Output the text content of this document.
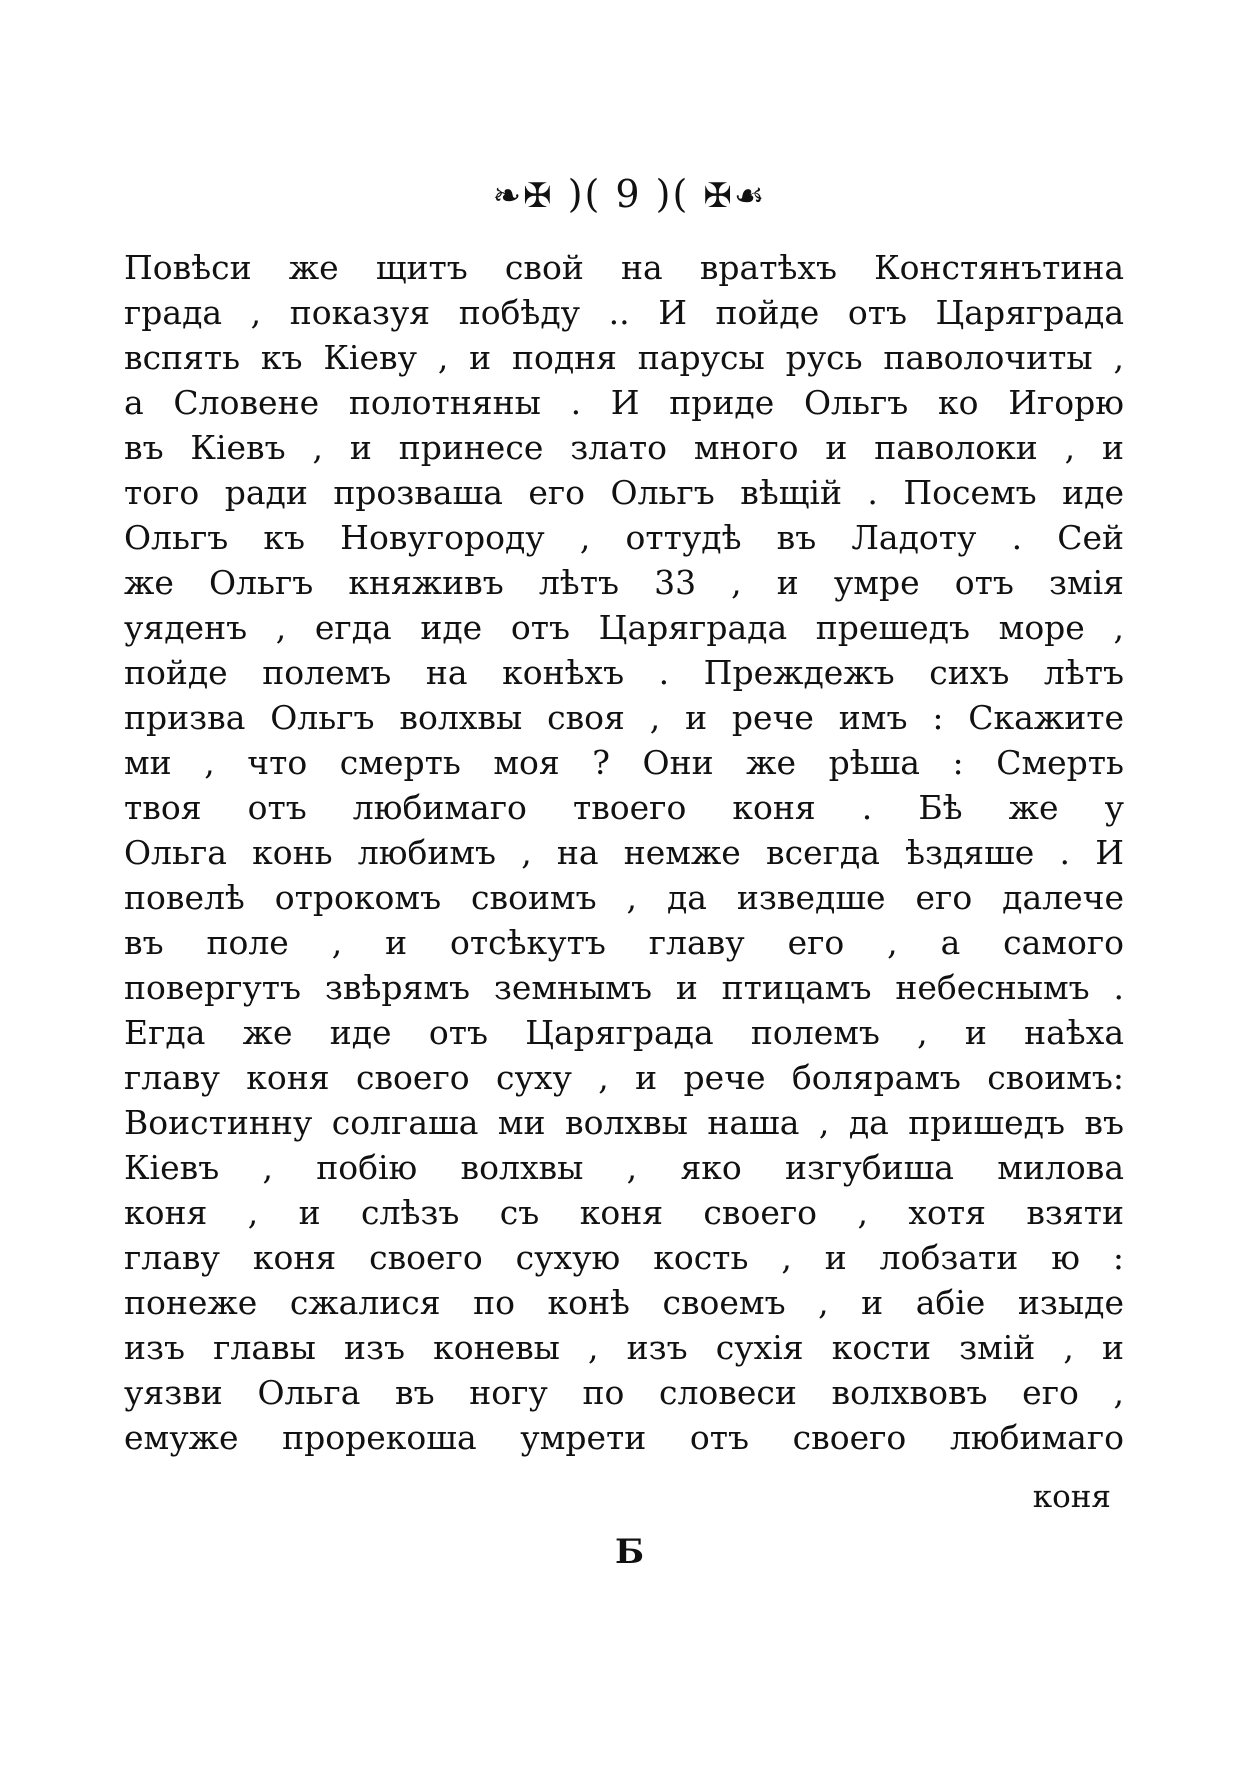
❧✠ )( 9 )( ✠☙
Повѣси же щитъ свой на вратѣхъ Констянътина
града , показуя побѣду .. И пойде отъ Царяграда
вспять къ Кіеву , и подня парусы русь паволочиты ,
а Словене полотняны . И приде Ольгъ ко Игорю
въ Кіевъ , и принесе злато много и паволоки , и
того ради прозваша его Ольгъ вѣщій . Посемъ иде
Ольгъ къ Новугороду , оттудѣ въ Ладоту . Сей
же Ольгъ княживъ лѣтъ 33 , и умре отъ змія
уяденъ , егда иде отъ Царяграда прешедъ море ,
пойде полемъ на конѣхъ . Преждежъ сихъ лѣтъ
призва Ольгъ волхвы своя , и рече имъ : Скажите
ми , что смерть моя ? Они же рѣша : Смерть
твоя отъ любимаго твоего коня . Бѣ же у
Ольга конь любимъ , на немже всегда ѣздяше . И
повелѣ отрокомъ своимъ , да изведше его далече
въ поле , и отсѣкутъ главу его , а самого
повергутъ звѣрямъ земнымъ и птицамъ небеснымъ .
Егда же иде отъ Царяграда полемъ , и наѣха
главу коня своего суху , и рече болярамъ своимъ:
Воистинну солгаша ми волхвы наша , да пришедъ въ
Кіевъ , побію волхвы , яко изгубиша милова
коня , и слѣзъ съ коня своего , хотя взяти
главу коня своего сухую кость , и лобзати ю :
понеже сжалися по конѣ своемъ , и абіе изыде
изъ главы изъ коневы , изъ сухія кости змій , и
уязви Ольга въ ногу по словеси волхвовъ его ,
емуже прорекоша умрети отъ своего любимаго
коня
Б
